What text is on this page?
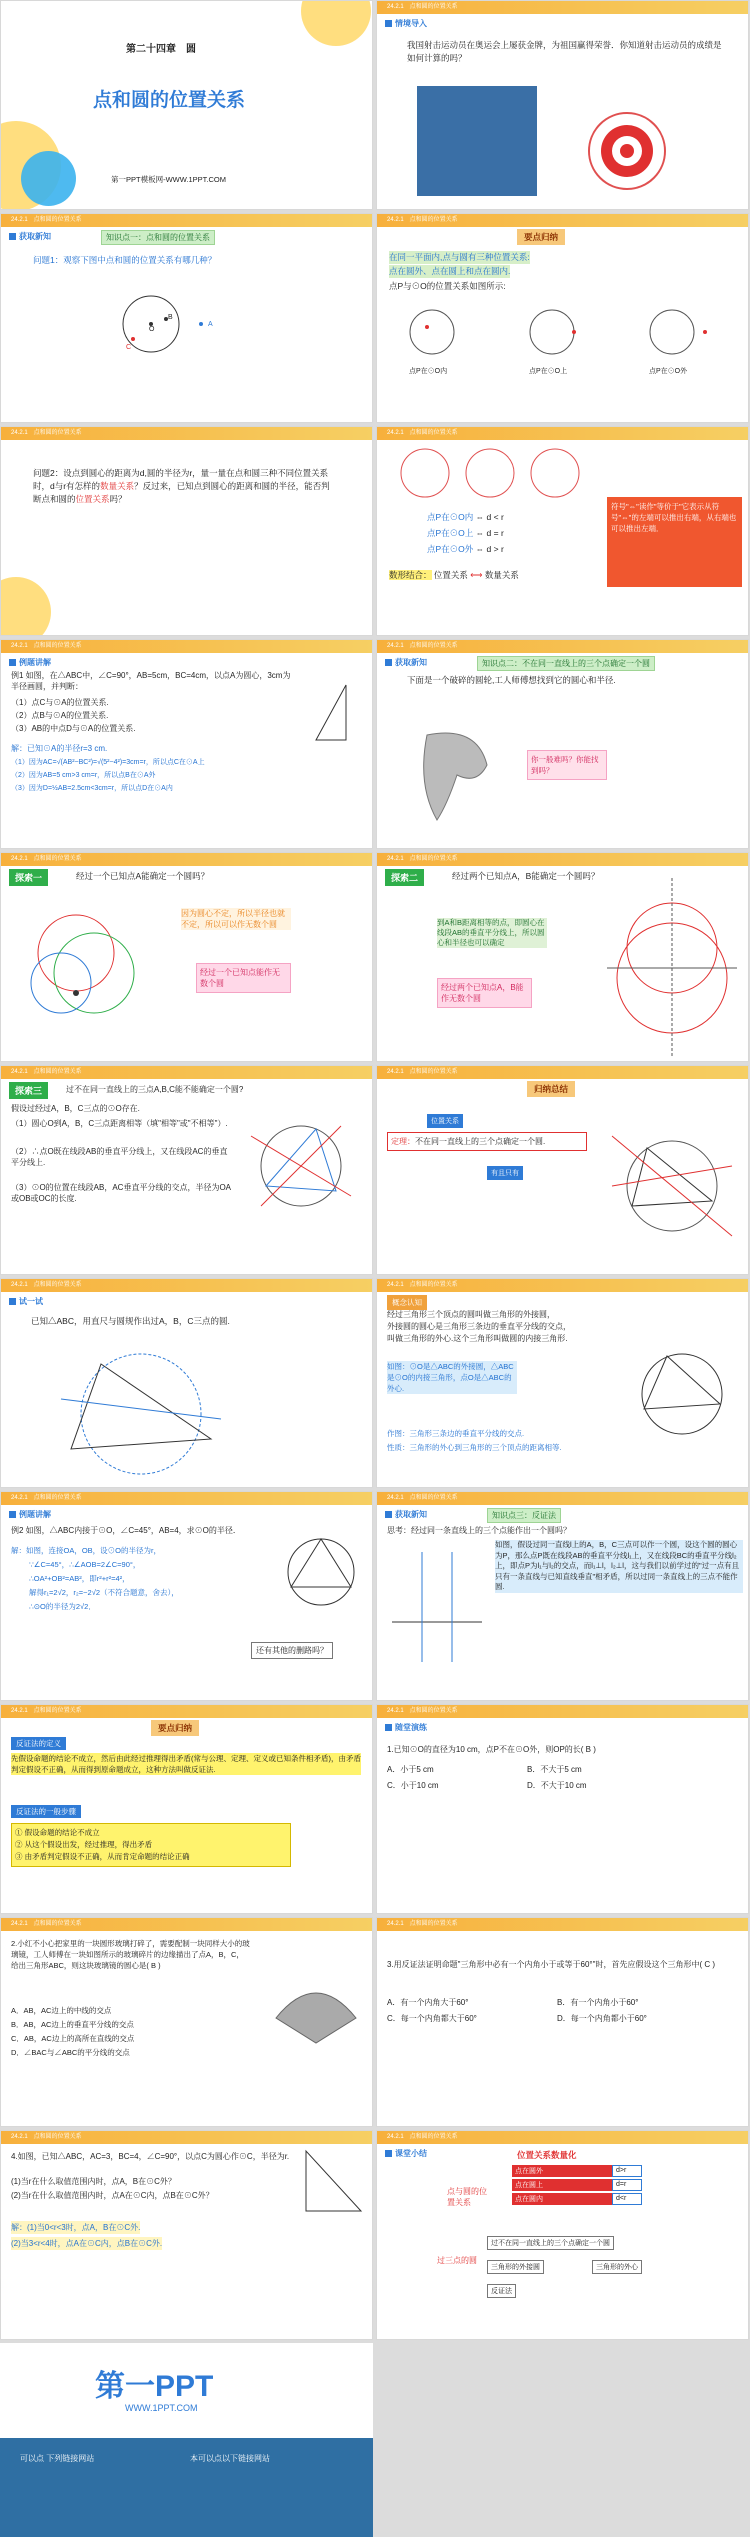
第二十四章　圆
点和圆的位置关系
第一PPT模板网-WWW.1PPT.COM
24.2.1　点和圆的位置关系
情境导入
我国射击运动员在奥运会上屡获金牌，为祖国赢得荣誉．你知道射击运动员的成绩是如何计算的吗？
24.2.1　点和圆的位置关系
获取新知	知识点一：点和圆的位置关系
问题1：观察下图中点和圆的位置关系有哪几种？
A
B
C
O
24.2.1　点和圆的位置关系
要点归纳
在同一平面内,点与圆有三种位置关系:
点在圆外、点在圆上和点在圆内.
点P与⊙O的位置关系如图所示:
点P在⊙O内	点P在⊙O上	点P在⊙O外
24.2.1　点和圆的位置关系
问题2：设点到圆心的距离为d,圆的半径为r，量一量在点和圆三种不同位置关系时，d与r有怎样的数量关系？反过来，已知点到圆心的距离和圆的半径，能否判断点和圆的位置关系吗？
24.2.1　点和圆的位置关系
点P在⊙O内 ⇔ d < r
点P在⊙O上 ⇔ d = r
点P在⊙O外 ⇔ d > r
数形结合： 位置关系 ⟷ 数量关系
符号"⇔"读作"等价于"它表示从符号"⇔"的左端可以推出右端，从右端也可以推出左端．
24.2.1　点和圆的位置关系
例题讲解
例1 如图，在△ABC中，∠C=90°，AB=5cm，BC=4cm，以点A为圆心，3cm为半径画圆，并判断：
（1）点C与⊙A的位置关系.
（2）点B与⊙A的位置关系.
（3）AB的中点D与⊙A的位置关系.
解：已知⊙A的半径r=3 cm.
（1）因为AC=√(AB²−BC²)=√(5²−4²)=3cm=r，所以点C在⊙A上
（2）因为AB=5 cm>3 cm=r，所以点B在⊙A外
（3）因为D=½AB=2.5cm<3cm=r，所以点D在⊙A内
24.2.1　点和圆的位置关系
获取新知	知识点二：不在同一直线上的三个点确定一个圆
下面是一个破碎的圆轮,工人师傅想找到它的圆心和半径.
你一般难吗？你能找到吗？
24.2.1　点和圆的位置关系
探索一	经过一个已知点A能确定一个圆吗？
因为圆心不定，所以半径也就不定，所以可以作无数个圆
经过一个已知点能作无数个圆
24.2.1　点和圆的位置关系
探索二	经过两个已知点A，B能确定一个圆吗？
到A和B距离相等的点，即圆心在线段AB的垂直平分线上，所以圆心和半径也可以确定
经过两个已知点A，B能作无数个圆
24.2.1　点和圆的位置关系
探索三	过不在同一直线上的三点A,B,C能不能确定一个圆?
假设过经过A，B，C三点的⊙O存在.
（1）圆心O到A，B，C三点距离相等（填"相等"或"不相等"）.
（2）∴点O既在线段AB的垂直平分线上，又在线段AC的垂直平分线上.
（3）⊙O的位置在线段AB，AC垂直平分线的交点，半径为OA或OB或OC的长度.
24.2.1　点和圆的位置关系
归纳总结
位置关系
定理：不在同一直线上的三个点确定一个圆.
有且只有
24.2.1　点和圆的位置关系
试一试
已知△ABC，用直尺与圆规作出过A，B，C三点的圆.
24.2.1　点和圆的位置关系
概念认知
经过三角形三个顶点的圆叫做三角形的外接圆，
外接圆的圆心是三角形三条边的垂直平分线的交点，
叫做三角形的外心.这个三角形叫做圆的内接三角形.
如图：⊙O是△ABC的外接圆，△ABC是⊙O的内接三角形，点O是△ABC的外心.
作图：三角形三条边的垂直平分线的交点.
性质：三角形的外心到三角形的三个顶点的距离相等.
24.2.1　点和圆的位置关系
例题讲解
例2 如图，△ABC内接于⊙O，∠C=45°，AB=4，求⊙O的半径．
解：如图，连接OA，OB，设⊙O的半径为r，
∵∠C=45°，∴∠AOB=2∠C=90°，
∴OA²+OB²=AB²，即r²+r²=4²，
解得r₁=2√2，r₂=−2√2（不符合题意，舍去），
∴⊙O的半径为2√2．
还有其他的删路吗？
24.2.1　点和圆的位置关系
获取新知	知识点三：反证法
思考：经过同一条直线上的三个点能作出一个圆吗？
如图，假设过同一直线l上的A，B，C三点可以作一个圆，设这个圆的圆心为P，那么点P既在线段AB的垂直平分线l₁上，又在线段BC的垂直平分线l₂上，即点P为l₁与l₂的交点，而l₁⊥l，l₂⊥l，这与我们以前学过的"过一点有且只有一条直线与已知直线垂直"相矛盾，所以过同一条直线上的三点不能作圆.
24.2.1　点和圆的位置关系
要点归纳
反证法的定义
先假设命题的结论不成立，然后由此经过推理得出矛盾(常与公理、定理、定义或已知条件相矛盾)，由矛盾判定假设不正确，从而得到原命题成立，这种方法叫做反证法.
反证法的一般步骤
① 假设命题的结论不成立
② 从这个假设出发，经过推理，得出矛盾
③ 由矛盾判定假设不正确，从而肯定命题的结论正确
24.2.1　点和圆的位置关系
随堂演练
1.已知⊙O的直径为10 cm，点P不在⊙O外，则OP的长( B )
A．小于5 cm	B．不大于5 cm
C．小于10 cm	D．不大于10 cm
24.2.1　点和圆的位置关系
2.小红不小心把家里的一块圆形玻璃打碎了，需要配制一块同样大小的玻璃镜，工人师傅在一块如图所示的玻璃碎片的边缘描出了点A，B，C，给出三角形ABC，则这块玻璃镜的圆心是( B )
A．AB，AC边上的中线的交点
B．AB，AC边上的垂直平分线的交点
C．AB，AC边上的高所在直线的交点
D．∠BAC与∠ABC的平分线的交点
24.2.1　点和圆的位置关系
3.用反证法证明命题"三角形中必有一个内角小于或等于60°"时，首先应假设这个三角形中( C )
A．有一个内角大于60°	B．有一个内角小于60°
C．每一个内角都大于60°	D．每一个内角都小于60°
24.2.1　点和圆的位置关系
4.如图，已知△ABC，AC=3，BC=4，∠C=90°，以点C为圆心作⊙C，半径为r.
(1)当r在什么取值范围内时，点A，B在⊙C外？
(2)当r在什么取值范围内时，点A在⊙C内，点B在⊙C外？
解：(1)当0<r<3时，点A，B在⊙C外.
(2)当3<r<4时，点A在⊙C内，点B在⊙C外.
24.2.1　点和圆的位置关系
课堂小结	位置关系数量化
点与圆的位置关系
点在圆外	d>r
点在圆上	d=r
点在圆内	d<r
过三点的圆
过不在同一直线上的三个点确定一个圆
三角形的外接圆	三角形的外心
反证法
第一PPT
WWW.1PPT.COM
可以点 下列链接网站	本可以点以下链接网站
